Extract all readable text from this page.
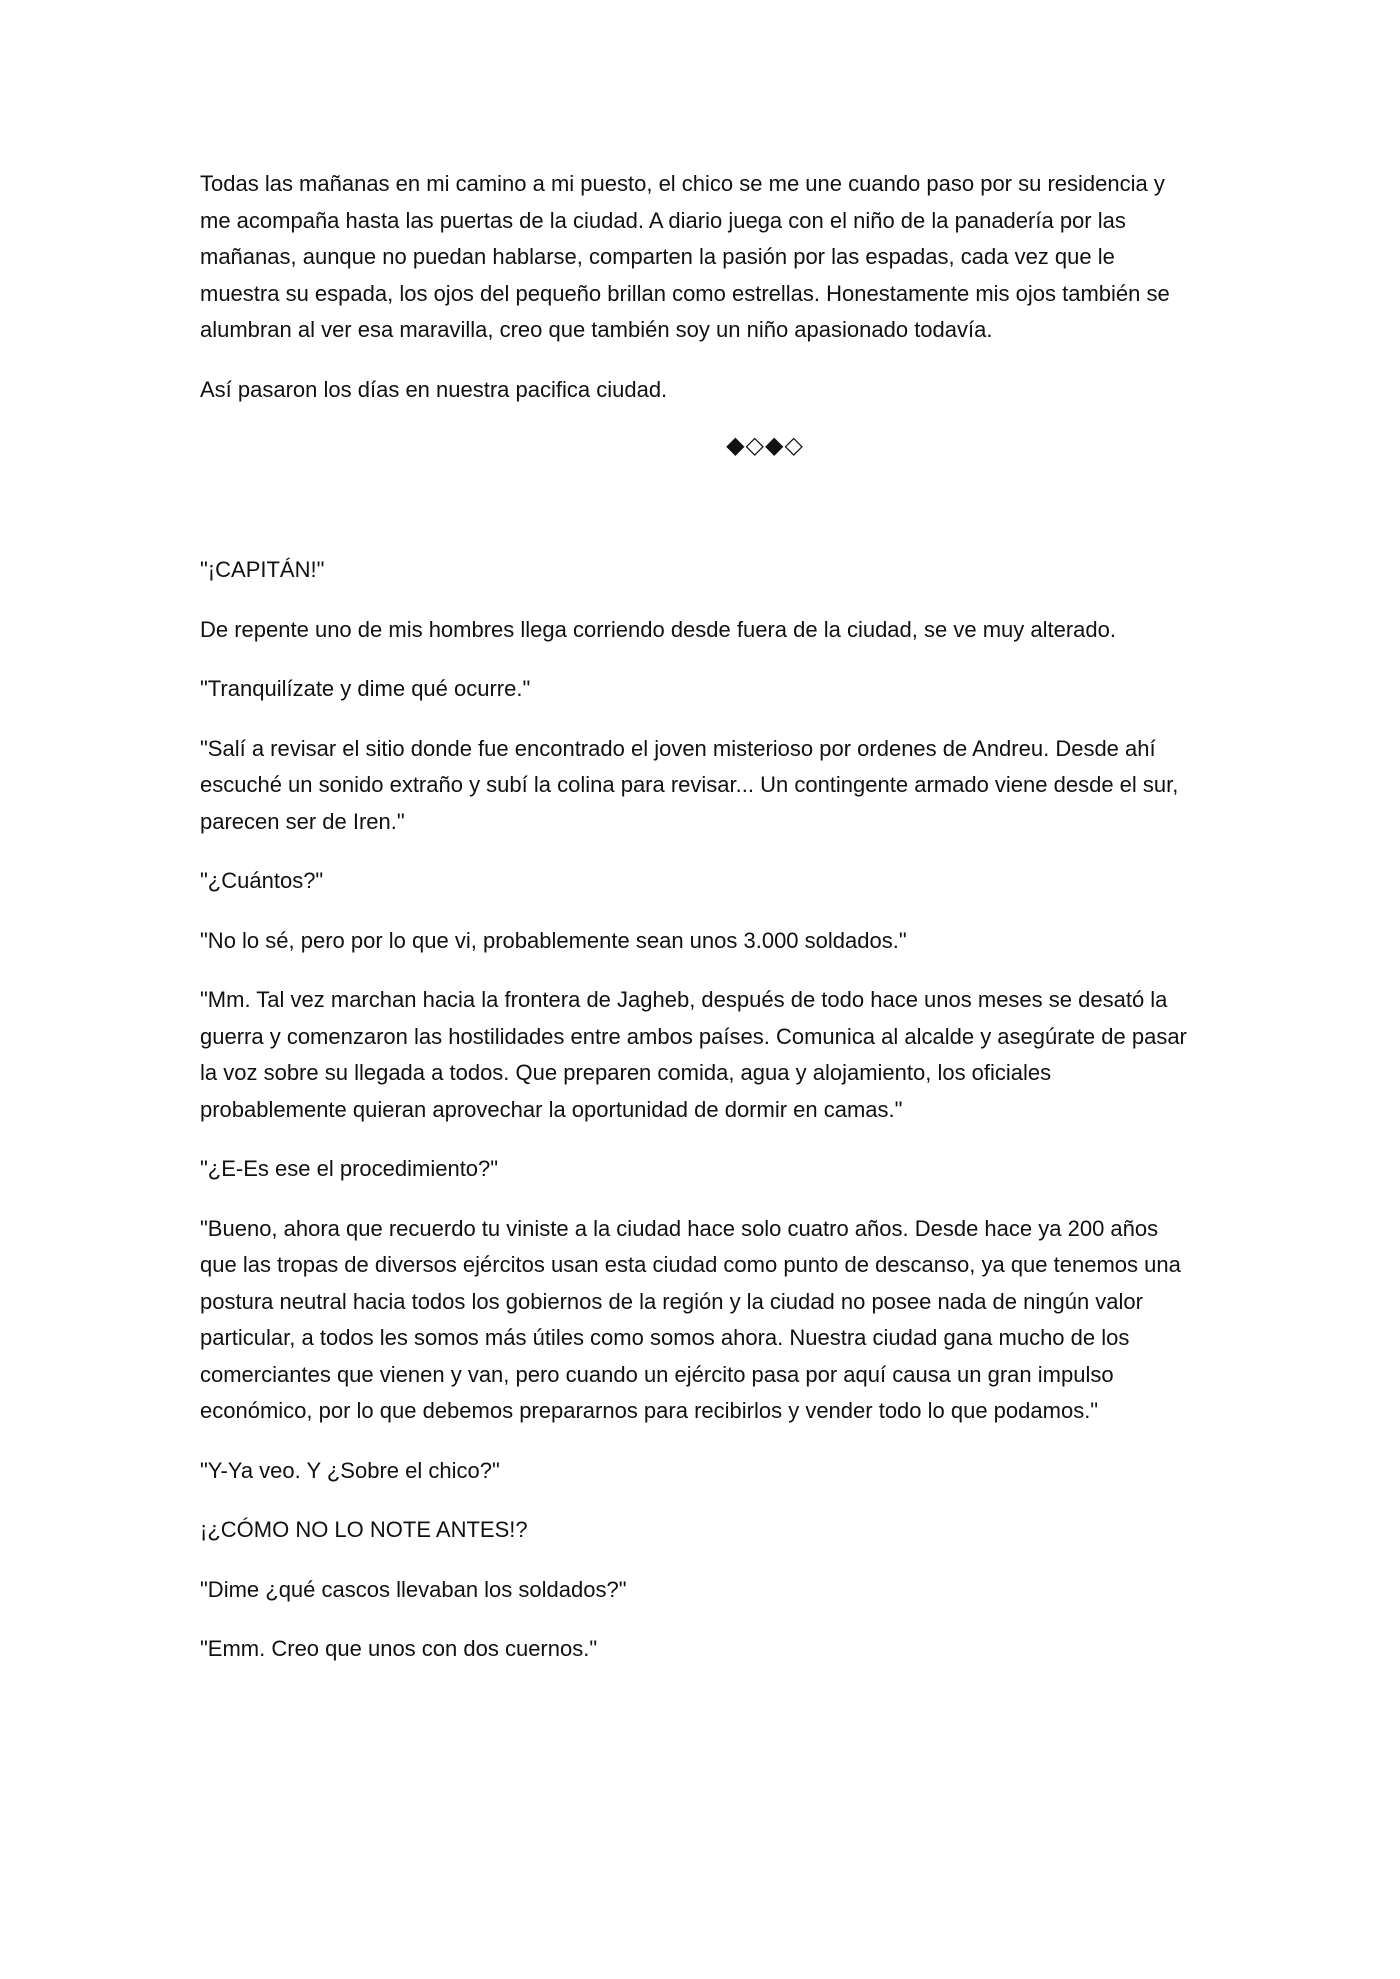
Todas las mañanas en mi camino a mi puesto, el chico se me une cuando paso por su residencia y me acompaña hasta las puertas de la ciudad. A diario juega con el niño de la panadería por las mañanas, aunque no puedan hablarse, comparten la pasión por las espadas, cada vez que le muestra su espada, los ojos del pequeño brillan como estrellas. Honestamente mis ojos también se alumbran al ver esa maravilla, creo que también soy un niño apasionado todavía.

Así pasaron los días en nuestra pacifica ciudad.

◆◇◆◇

"¡CAPITÁN!"

De repente uno de mis hombres llega corriendo desde fuera de la ciudad, se ve muy alterado.

"Tranquilízate y dime qué ocurre."

"Salí a revisar el sitio donde fue encontrado el joven misterioso por ordenes de Andreu. Desde ahí escuché un sonido extraño y subí la colina para revisar... Un contingente armado viene desde el sur, parecen ser de Iren."

"¿Cuántos?"

"No lo sé, pero por lo que vi, probablemente sean unos 3.000 soldados."

"Mm. Tal vez marchan hacia la frontera de Jagheb, después de todo hace unos meses se desató la guerra y comenzaron las hostilidades entre ambos países. Comunica al alcalde y asegúrate de pasar la voz sobre su llegada a todos. Que preparen comida, agua y alojamiento, los oficiales probablemente quieran aprovechar la oportunidad de dormir en camas."

"¿E-Es ese el procedimiento?"

"Bueno, ahora que recuerdo tu viniste a la ciudad hace solo cuatro años. Desde hace ya 200 años que las tropas de diversos ejércitos usan esta ciudad como punto de descanso, ya que tenemos una postura neutral hacia todos los gobiernos de la región y la ciudad no posee nada de ningún valor particular, a todos les somos más útiles como somos ahora. Nuestra ciudad gana mucho de los comerciantes que vienen y van, pero cuando un ejército pasa por aquí causa un gran impulso económico, por lo que debemos prepararnos para recibirlos y vender todo lo que podamos."

"Y-Ya veo. Y ¿Sobre el chico?"

¡¿CÓMO NO LO NOTE ANTES!?

"Dime ¿qué cascos llevaban los soldados?"

"Emm. Creo que unos con dos cuernos."
